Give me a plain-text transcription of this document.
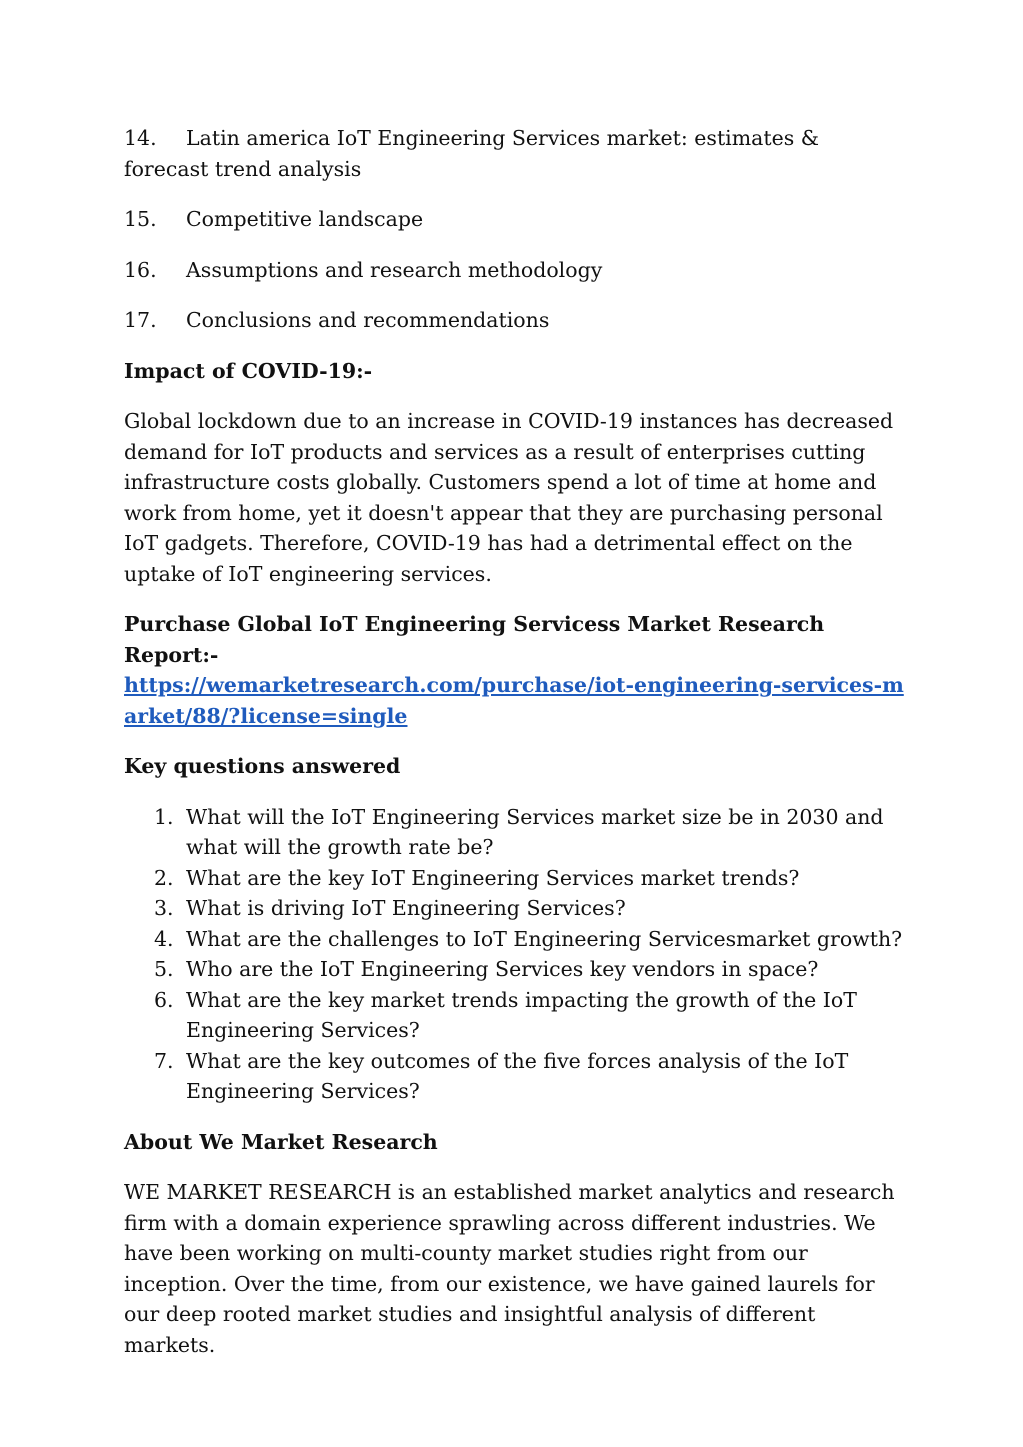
14. Latin america IoT Engineering Services market: estimates & forecast trend analysis
15. Competitive landscape
16. Assumptions and research methodology
17. Conclusions and recommendations
Impact of COVID-19:-
Global lockdown due to an increase in COVID-19 instances has decreased demand for IoT products and services as a result of enterprises cutting infrastructure costs globally. Customers spend a lot of time at home and work from home, yet it doesn't appear that they are purchasing personal IoT gadgets. Therefore, COVID-19 has had a detrimental effect on the uptake of IoT engineering services.
Purchase Global IoT Engineering Servicess Market Research Report:-
https://wemarketresearch.com/purchase/iot-engineering-services-market/88/?license=single
Key questions answered
1. What will the IoT Engineering Services market size be in 2030 and what will the growth rate be?
2. What are the key IoT Engineering Services market trends?
3. What is driving IoT Engineering Services?
4. What are the challenges to IoT Engineering Servicesmarket growth?
5. Who are the IoT Engineering Services key vendors in space?
6. What are the key market trends impacting the growth of the IoT Engineering Services?
7. What are the key outcomes of the five forces analysis of the IoT Engineering Services?
About We Market Research
WE MARKET RESEARCH is an established market analytics and research firm with a domain experience sprawling across different industries. We have been working on multi-county market studies right from our inception. Over the time, from our existence, we have gained laurels for our deep rooted market studies and insightful analysis of different markets.
